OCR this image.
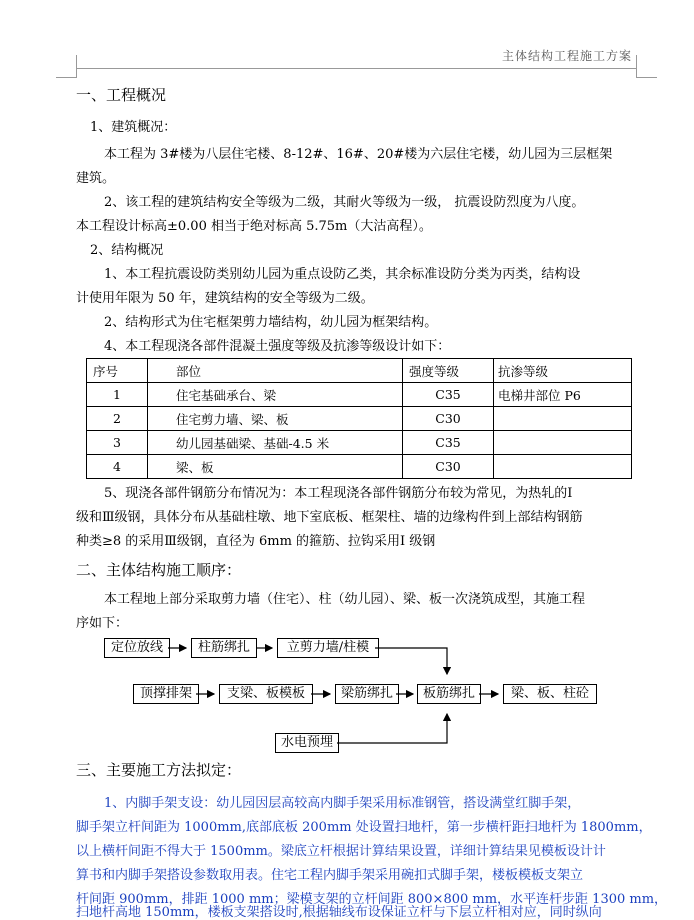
主体结构工程施工方案
一、工程概况
1、建筑概况：
本工程为 3#楼为八层住宅楼、8-12#、16#、20#楼为六层住宅楼，幼儿园为三层框架
建筑。
2、该工程的建筑结构安全等级为二级，其耐火等级为一级， 抗震设防烈度为八度。
本工程设计标高±0.00 相当于绝对标高 5.75m（大沽高程）。
2、结构概况
1、本工程抗震设防类别幼儿园为重点设防乙类，其余标准设防分类为丙类，结构设
计使用年限为 50 年，建筑结构的安全等级为二级。
2、结构形式为住宅框架剪力墙结构，幼儿园为框架结构。
4、本工程现浇各部件混凝土强度等级及抗渗等级设计如下：
序号	部位	强度等级	抗渗等级
1	住宅基础承台、梁	C35	电梯井部位 P6
2	住宅剪力墙、梁、板	C30	
3	幼儿园基础梁、基础-4.5 米	C35	
4	梁、板	C30	
5、现浇各部件钢筋分布情况为：本工程现浇各部件钢筋分布较为常见，为热轧的Ⅰ
级和Ⅲ级钢，具体分布从基础柱墩、地下室底板、框架柱、墙的边缘构件到上部结构钢筋
种类≥8 的采用Ⅲ级钢，直径为 6mm 的箍筋、拉钩采用Ⅰ 级钢
二、主体结构施工顺序：
本工程地上部分采取剪力墙（住宅）、柱（幼儿园）、梁、板一次浇筑成型，其施工程
序如下：
定位放线	柱筋绑扎	立剪力墙/柱模
顶撑排架	支梁、板模板	梁筋绑扎	板筋绑扎	梁、板、柱砼
水电预埋
三、主要施工方法拟定：
1、内脚手架支设：幼儿园因层高较高内脚手架采用标准钢管，搭设满堂红脚手架，
脚手架立杆间距为 1000mm,底部底板 200mm 处设置扫地杆，第一步横杆距扫地杆为 1800mm，
以上横杆间距不得大于 1500mm。梁底立杆根据计算结果设置，详细计算结果见模板设计计
算书和内脚手架搭设参数取用表。住宅工程内脚手架采用碗扣式脚手架，楼板模板支架立
杆间距 900mm，排距 1000 mm；梁模支架的立杆间距 800×800 mm，水平连杆步距 1300 mm，
扫地杆高地 150mm，楼板支架搭设时,根据轴线布设保证立杆与下层立杆相对应，同时纵向
